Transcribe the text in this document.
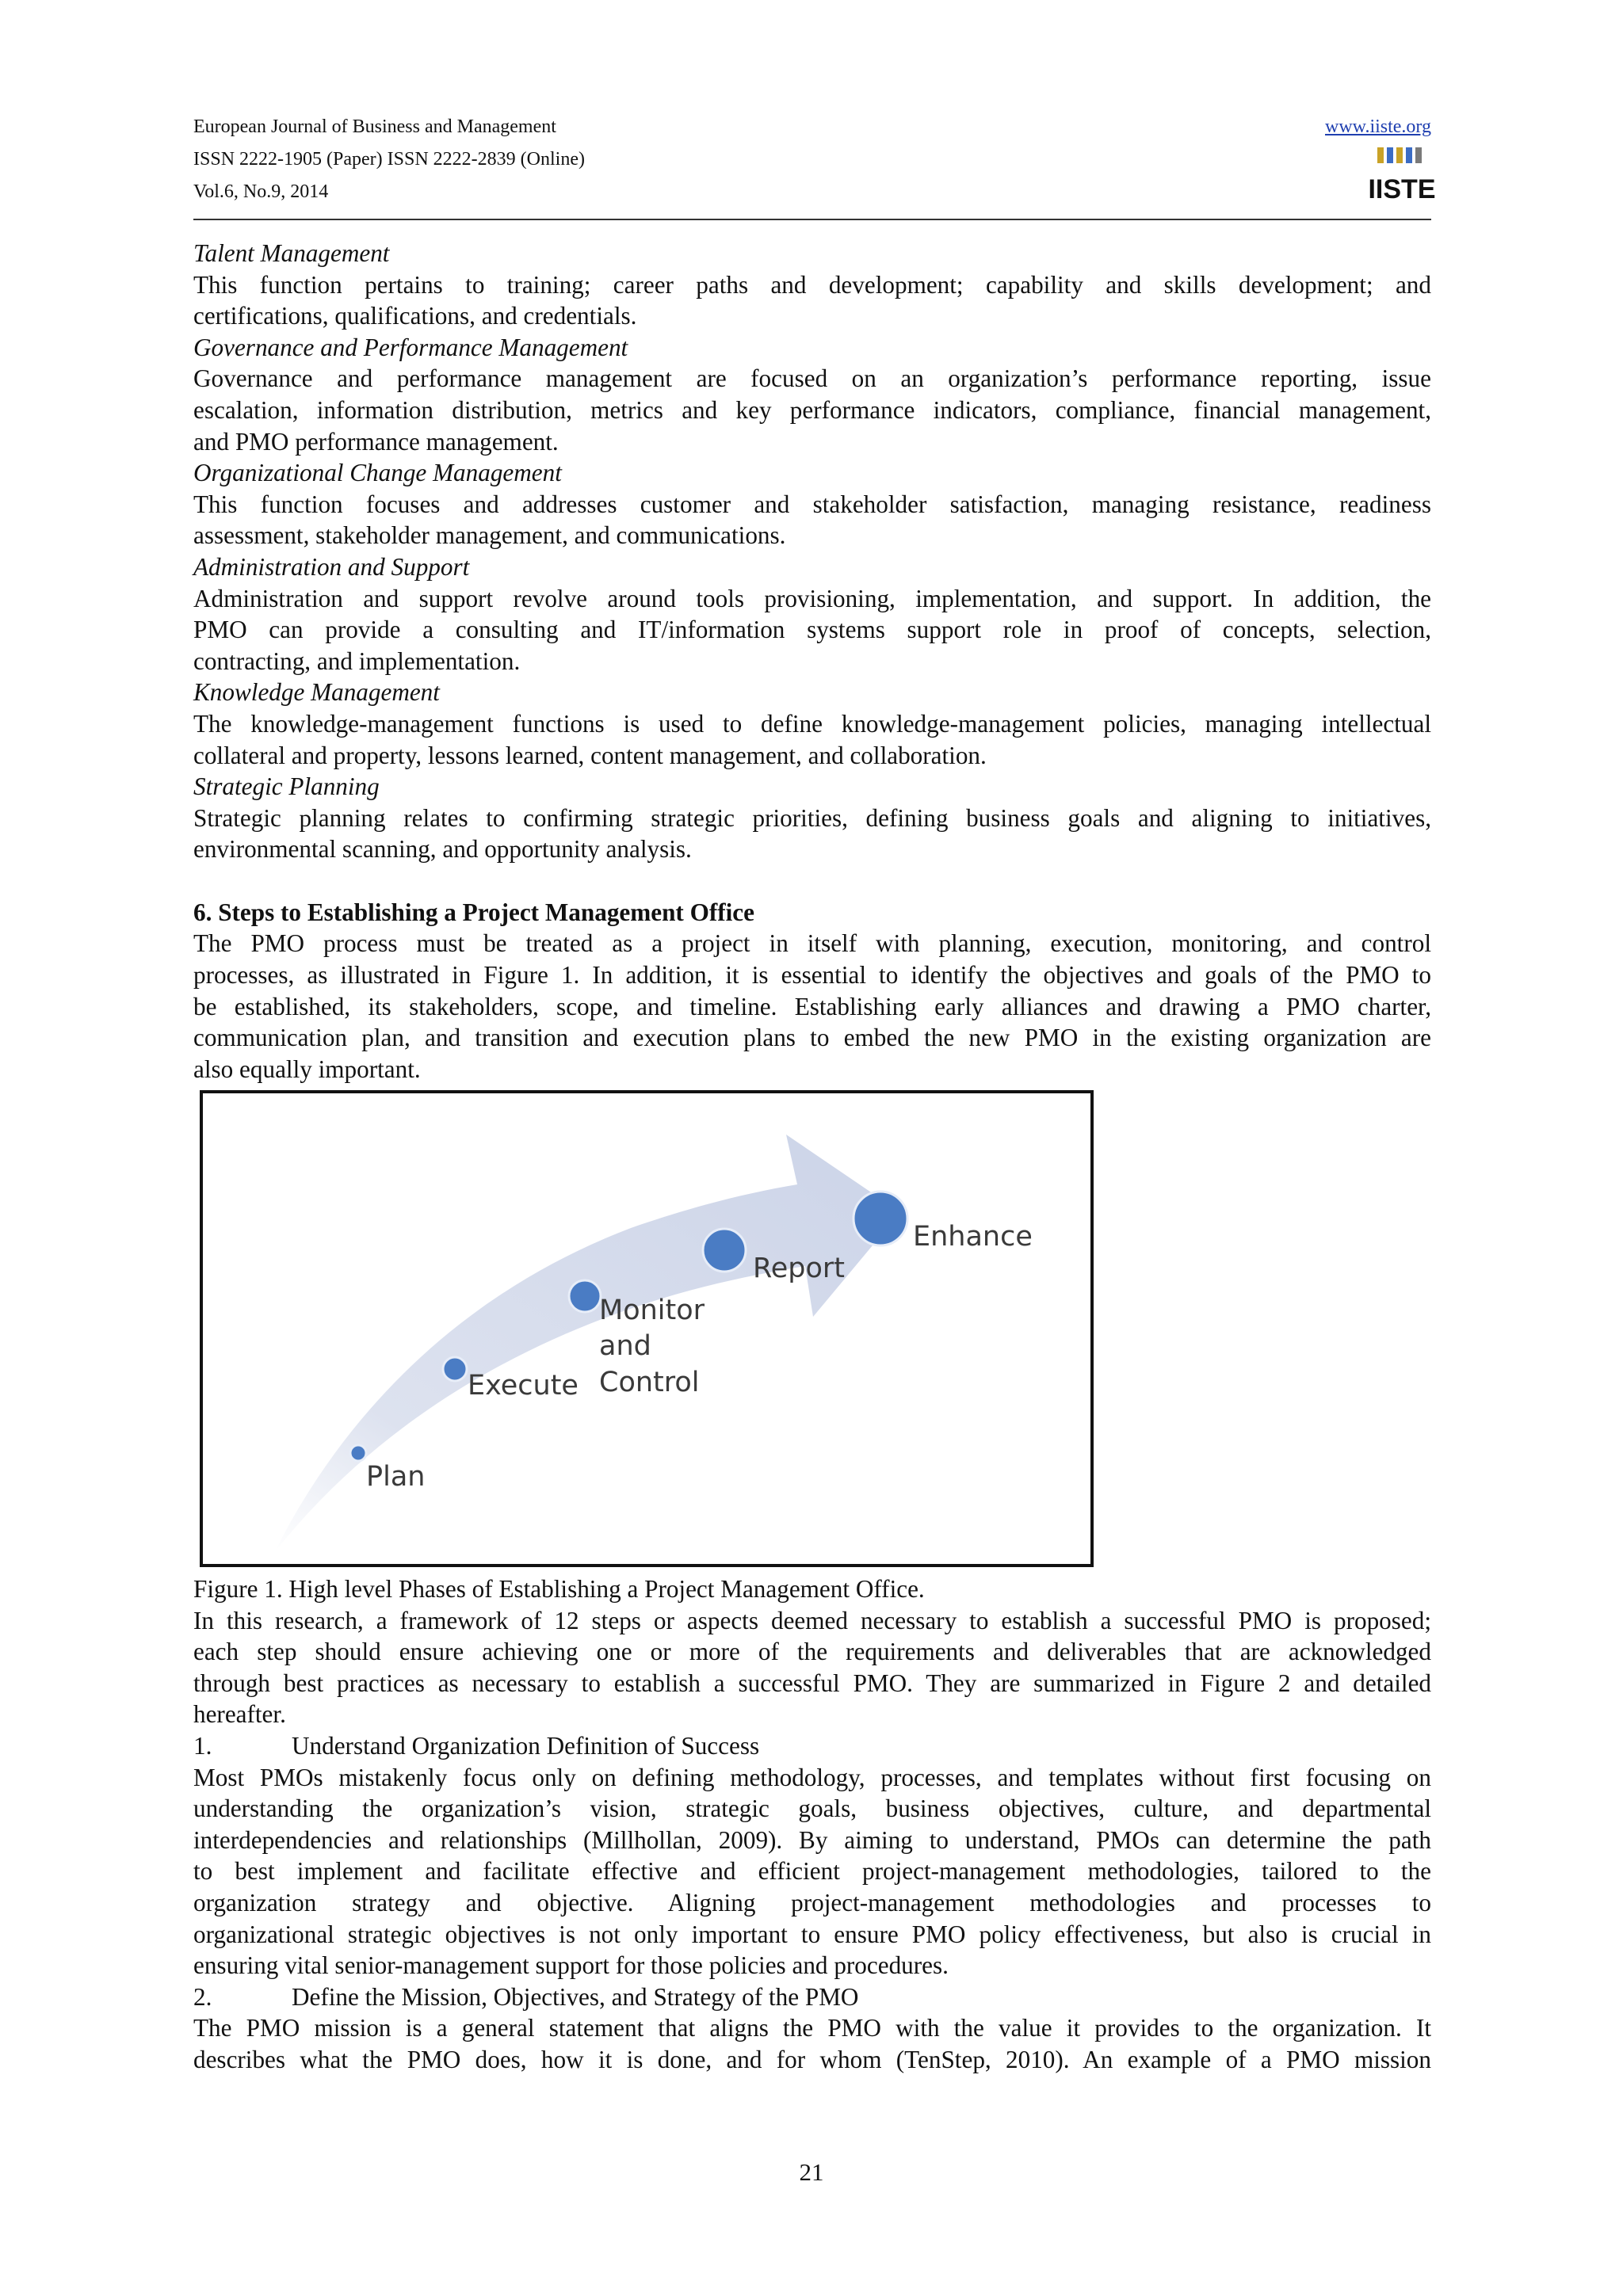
European Journal of Business and Management
ISSN 2222-1905 (Paper) ISSN 2222-2839 (Online)
Vol.6, No.9, 2014
www.iiste.org
IISTE
Talent Management
This function pertains to training; career paths and development; capability and skills development; and
certifications, qualifications, and credentials.
Governance and Performance Management
Governance and performance management are focused on an organization’s performance reporting, issue
escalation, information distribution, metrics and key performance indicators, compliance, financial management,
and PMO performance management.
Organizational Change Management
This function focuses and addresses customer and stakeholder satisfaction, managing resistance, readiness
assessment, stakeholder management, and communications.
Administration and Support
Administration and support revolve around tools provisioning, implementation, and support. In addition, the
PMO can provide a consulting and IT/information systems support role in proof of concepts, selection,
contracting, and implementation.
Knowledge Management
The knowledge-management functions is used to define knowledge-management policies, managing intellectual
collateral and property, lessons learned, content management, and collaboration.
Strategic Planning
Strategic planning relates to confirming strategic priorities, defining business goals and aligning to initiatives,
environmental scanning, and opportunity analysis.
6. Steps to Establishing a Project Management Office
The PMO process must be treated as a project in itself with planning, execution, monitoring, and control
processes, as illustrated in Figure 1. In addition, it is essential to identify the objectives and goals of the PMO to
be established, its stakeholders, scope, and timeline. Establishing early alliances and drawing a PMO charter,
communication plan, and transition and execution plans to embed the new PMO in the existing organization are
also equally important.
Plan
Execute
Monitor
and
Control
Report
Enhance
Figure 1. High level Phases of Establishing a Project Management Office.
In this research, a framework of 12 steps or aspects deemed necessary to establish a successful PMO is proposed;
each step should ensure achieving one or more of the requirements and deliverables that are acknowledged
through best practices as necessary to establish a successful PMO. They are summarized in Figure 2 and detailed
hereafter.
1.	Understand Organization Definition of Success
Most PMOs mistakenly focus only on defining methodology, processes, and templates without first focusing on
understanding the organization’s vision, strategic goals, business objectives, culture, and departmental
interdependencies and relationships (Millhollan, 2009). By aiming to understand, PMOs can determine the path
to best implement and facilitate effective and efficient project-management methodologies, tailored to the
organization strategy and objective. Aligning project-management methodologies and processes to
organizational strategic objectives is not only important to ensure PMO policy effectiveness, but also is crucial in
ensuring vital senior-management support for those policies and procedures.
2.	Define the Mission, Objectives, and Strategy of the PMO
The PMO mission is a general statement that aligns the PMO with the value it provides to the organization. It
describes what the PMO does, how it is done, and for whom (TenStep, 2010). An example of a PMO mission
21
